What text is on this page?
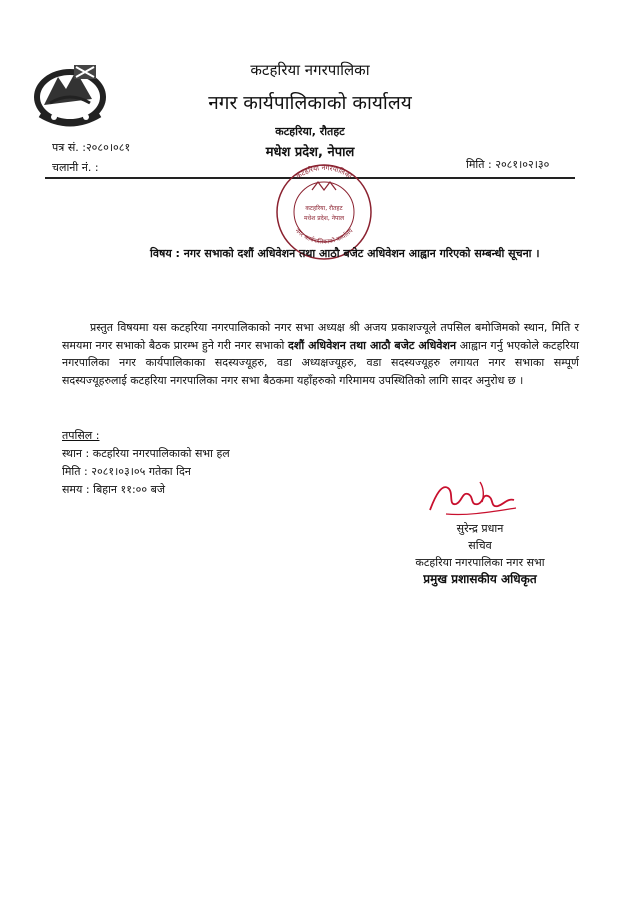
कटहरिया नगरपालिका
नगर कार्यपालिकाको कार्यालय
कटहरिया, रौतहट
मधेश प्रदेश, नेपाल
पत्र सं. :२०८०।०८१
चलानी नं. :	मिति : २०८१।०२।३०
कटहरिया नगरपालिका
नगर कार्यपालिकाको कार्यालय
कटहरिया, रौतहट
मधेश प्रदेश, नेपाल
विषय : नगर सभाको दशौं अधिवेशन तथा आठौ बजेट अधिवेशन आह्वान गरिएको सम्बन्धी सूचना ।

प्रस्तुत विषयमा यस कटहरिया नगरपालिकाको नगर सभा अध्यक्ष श्री अजय प्रकाशज्यूले तपसिल बमोजिमको स्थान, मिति र समयमा नगर सभाको बैठक प्रारम्भ हुने गरी नगर सभाको दशौं अधिवेशन तथा आठौ बजेट अधिवेशन आह्वान गर्नु भएकोले कटहरिया नगरपालिका नगर कार्यपालिकाका सदस्यज्यूहरु, वडा अध्यक्षज्यूहरु, वडा सदस्यज्यूहरु लगायत नगर सभाका सम्पूर्ण सदस्यज्यूहरुलाई कटहरिया नगरपालिका नगर सभा बैठकमा यहाँहरुको गरिमामय उपस्थितिको लागि सादर अनुरोध छ ।

तपसिल :
स्थान : कटहरिया नगरपालिकाको सभा हल
मिति : २०८१।०३।०५ गतेका दिन
समय : बिहान ११:०० बजे
सुरेन्द्र प्रधान
सचिव
कटहरिया नगरपालिका नगर सभा
प्रमुख प्रशासकीय अधिकृत
